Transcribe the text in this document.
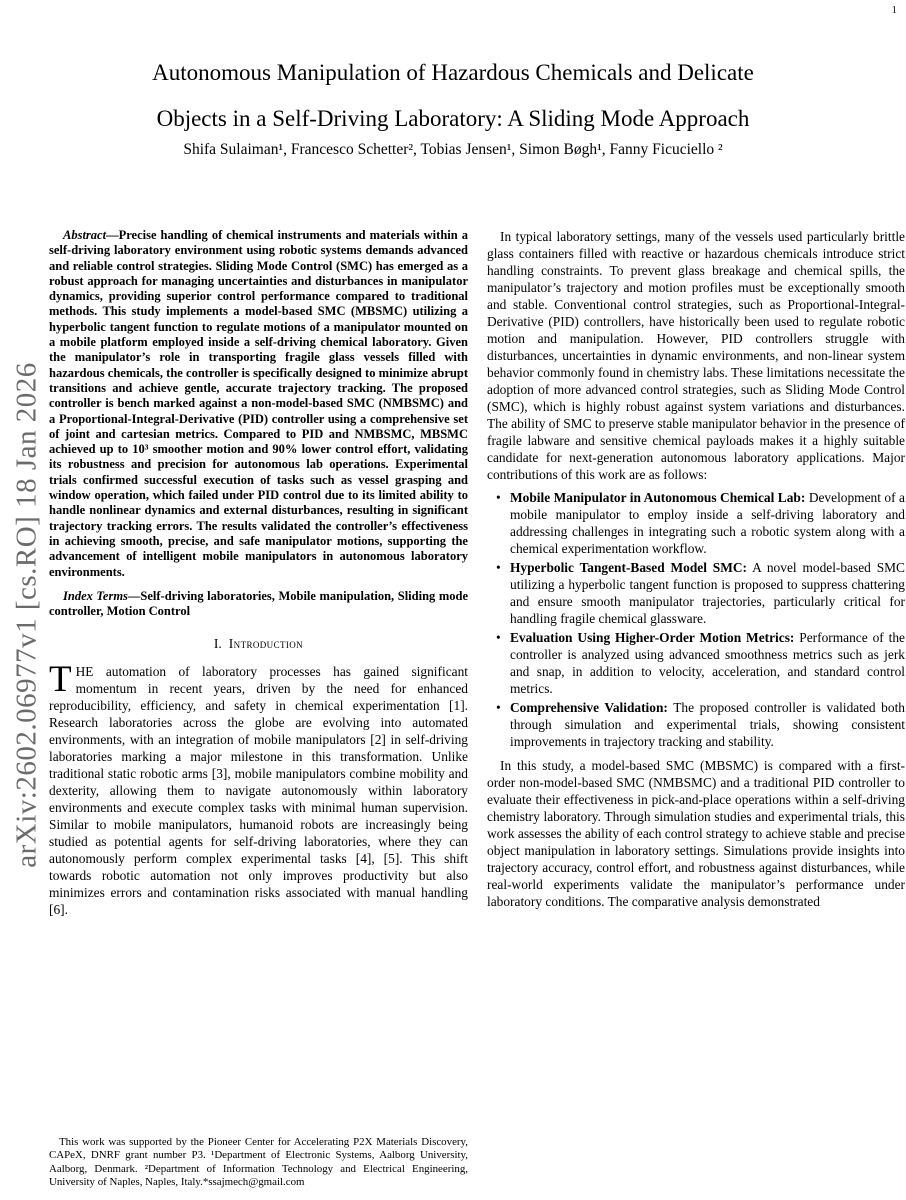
1
arXiv:2602.06977v1 [cs.RO] 18 Jan 2026
Autonomous Manipulation of Hazardous Chemicals and Delicate
Objects in a Self-Driving Laboratory: A Sliding Mode Approach
Shifa Sulaiman¹, Francesco Schetter², Tobias Jensen¹, Simon Bøgh¹, Fanny Ficuciello ²

Abstract—Precise handling of chemical instruments and materials within a self-driving laboratory environment using robotic systems demands advanced and reliable control strategies. Sliding Mode Control (SMC) has emerged as a robust approach for managing uncertainties and disturbances in manipulator dynamics, providing superior control performance compared to traditional methods. This study implements a model-based SMC (MBSMC) utilizing a hyperbolic tangent function to regulate motions of a manipulator mounted on a mobile platform employed inside a self-driving chemical laboratory. Given the manipulator’s role in transporting fragile glass vessels filled with hazardous chemicals, the controller is specifically designed to minimize abrupt transitions and achieve gentle, accurate trajectory tracking. The proposed controller is bench marked against a non-model-based SMC (NMBSMC) and a Proportional-Integral-Derivative (PID) controller using a comprehensive set of joint and cartesian metrics. Compared to PID and NMBSMC, MBSMC achieved up to 10³ smoother motion and 90% lower control effort, validating its robustness and precision for autonomous lab operations. Experimental trials confirmed successful execution of tasks such as vessel grasping and window operation, which failed under PID control due to its limited ability to handle nonlinear dynamics and external disturbances, resulting in significant trajectory tracking errors. The results validated the controller’s effectiveness in achieving smooth, precise, and safe manipulator motions, supporting the advancement of intelligent mobile manipulators in autonomous laboratory environments.

Index Terms—Self-driving laboratories, Mobile manipulation, Sliding mode controller, Motion Control

I. Introduction

THE automation of laboratory processes has gained significant momentum in recent years, driven by the need for enhanced reproducibility, efficiency, and safety in chemical experimentation [1]. Research laboratories across the globe are evolving into automated environments, with an integration of mobile manipulators [2] in self-driving laboratories marking a major milestone in this transformation. Unlike traditional static robotic arms [3], mobile manipulators combine mobility and dexterity, allowing them to navigate autonomously within laboratory environments and execute complex tasks with minimal human supervision. Similar to mobile manipulators, humanoid robots are increasingly being studied as potential agents for self-driving laboratories, where they can autonomously perform complex experimental tasks [4], [5]. This shift towards robotic automation not only improves productivity but also minimizes errors and contamination risks associated with manual handling [6].

In typical laboratory settings, many of the vessels used particularly brittle glass containers filled with reactive or hazardous chemicals introduce strict handling constraints. To prevent glass breakage and chemical spills, the manipulator’s trajectory and motion profiles must be exceptionally smooth and stable. Conventional control strategies, such as Proportional-Integral-Derivative (PID) controllers, have historically been used to regulate robotic motion and manipulation. However, PID controllers struggle with disturbances, uncertainties in dynamic environments, and non-linear system behavior commonly found in chemistry labs. These limitations necessitate the adoption of more advanced control strategies, such as Sliding Mode Control (SMC), which is highly robust against system variations and disturbances. The ability of SMC to preserve stable manipulator behavior in the presence of fragile labware and sensitive chemical payloads makes it a highly suitable candidate for next-generation autonomous laboratory applications. Major contributions of this work are as follows:

• Mobile Manipulator in Autonomous Chemical Lab: Development of a mobile manipulator to employ inside a self-driving laboratory and addressing challenges in integrating such a robotic system along with a chemical experimentation workflow.
• Hyperbolic Tangent-Based Model SMC: A novel model-based SMC utilizing a hyperbolic tangent function is proposed to suppress chattering and ensure smooth manipulator trajectories, particularly critical for handling fragile chemical glassware.
• Evaluation Using Higher-Order Motion Metrics: Performance of the controller is analyzed using advanced smoothness metrics such as jerk and snap, in addition to velocity, acceleration, and standard control metrics.
• Comprehensive Validation: The proposed controller is validated both through simulation and experimental trials, showing consistent improvements in trajectory tracking and stability.

In this study, a model-based SMC (MBSMC) is compared with a first-order non-model-based SMC (NMBSMC) and a traditional PID controller to evaluate their effectiveness in pick-and-place operations within a self-driving chemistry laboratory. Through simulation studies and experimental trials, this work assesses the ability of each control strategy to achieve stable and precise object manipulation in laboratory settings. Simulations provide insights into trajectory accuracy, control effort, and robustness against disturbances, while real-world experiments validate the manipulator’s performance under laboratory conditions. The comparative analysis demonstrated

This work was supported by the Pioneer Center for Accelerating P2X Materials Discovery, CAPeX, DNRF grant number P3. ¹Department of Electronic Systems, Aalborg University, Aalborg, Denmark. ²Department of Information Technology and Electrical Engineering, University of Naples, Naples, Italy.*ssajmech@gmail.com
